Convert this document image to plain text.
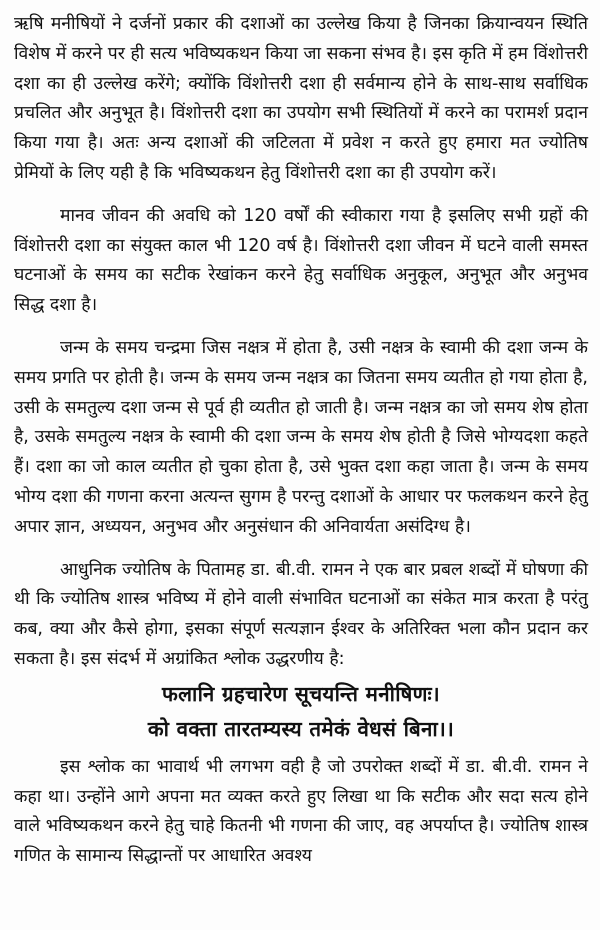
ऋषि मनीषियों ने दर्जनों प्रकार की दशाओं का उल्लेख किया है जिनका क्रियान्वयन स्थिति विशेष में करने पर ही सत्य भविष्यकथन किया जा सकना संभव है। इस कृति में हम विंशोत्तरी दशा का ही उल्लेख करेंगे; क्योंकि विंशोत्तरी दशा ही सर्वमान्य होने के साथ-साथ सर्वाधिक प्रचलित और अनुभूत है। विंशोत्तरी दशा का उपयोग सभी स्थितियों में करने का परामर्श प्रदान किया गया है। अतः अन्य दशाओं की जटिलता में प्रवेश न करते हुए हमारा मत ज्योतिष प्रेमियों के लिए यही है कि भविष्यकथन हेतु विंशोत्तरी दशा का ही उपयोग करें।

मानव जीवन की अवधि को 120 वर्षों की स्वीकारा गया है इसलिए सभी ग्रहों की विंशोत्तरी दशा का संयुक्त काल भी 120 वर्ष है। विंशोत्तरी दशा जीवन में घटने वाली समस्त घटनाओं के समय का सटीक रेखांकन करने हेतु सर्वाधिक अनुकूल, अनुभूत और अनुभव सिद्ध दशा है।

जन्म के समय चन्द्रमा जिस नक्षत्र में होता है, उसी नक्षत्र के स्वामी की दशा जन्म के समय प्रगति पर होती है। जन्म के समय जन्म नक्षत्र का जितना समय व्यतीत हो गया होता है, उसी के समतुल्य दशा जन्म से पूर्व ही व्यतीत हो जाती है। जन्म नक्षत्र का जो समय शेष होता है, उसके समतुल्य नक्षत्र के स्वामी की दशा जन्म के समय शेष होती है जिसे भोग्यदशा कहते हैं। दशा का जो काल व्यतीत हो चुका होता है, उसे भुक्त दशा कहा जाता है। जन्म के समय भोग्य दशा की गणना करना अत्यन्त सुगम है परन्तु दशाओं के आधार पर फलकथन करने हेतु अपार ज्ञान, अध्ययन, अनुभव और अनुसंधान की अनिवार्यता असंदिग्ध है।

आधुनिक ज्योतिष के पितामह डा. बी.वी. रामन ने एक बार प्रबल शब्दों में घोषणा की थी कि ज्योतिष शास्त्र भविष्य में होने वाली संभावित घटनाओं का संकेत मात्र करता है परंतु कब, क्या और कैसे होगा, इसका संपूर्ण सत्यज्ञान ईश्वर के अतिरिक्त भला कौन प्रदान कर सकता है। इस संदर्भ में अग्रांकित श्लोक उद्धरणीय है:

फलानि ग्रहचारेण सूचयन्ति मनीषिणः।

को वक्ता तारतम्यस्य तमेकं वेधसं बिना।।

इस श्लोक का भावार्थ भी लगभग वही है जो उपरोक्त शब्दों में डा. बी.वी. रामन ने कहा था। उन्होंने आगे अपना मत व्यक्त करते हुए लिखा था कि सटीक और सदा सत्य होने वाले भविष्यकथन करने हेतु चाहे कितनी भी गणना की जाए, वह अपर्याप्त है। ज्योतिष शास्त्र गणित के सामान्य सिद्धान्तों पर आधारित अवश्य
